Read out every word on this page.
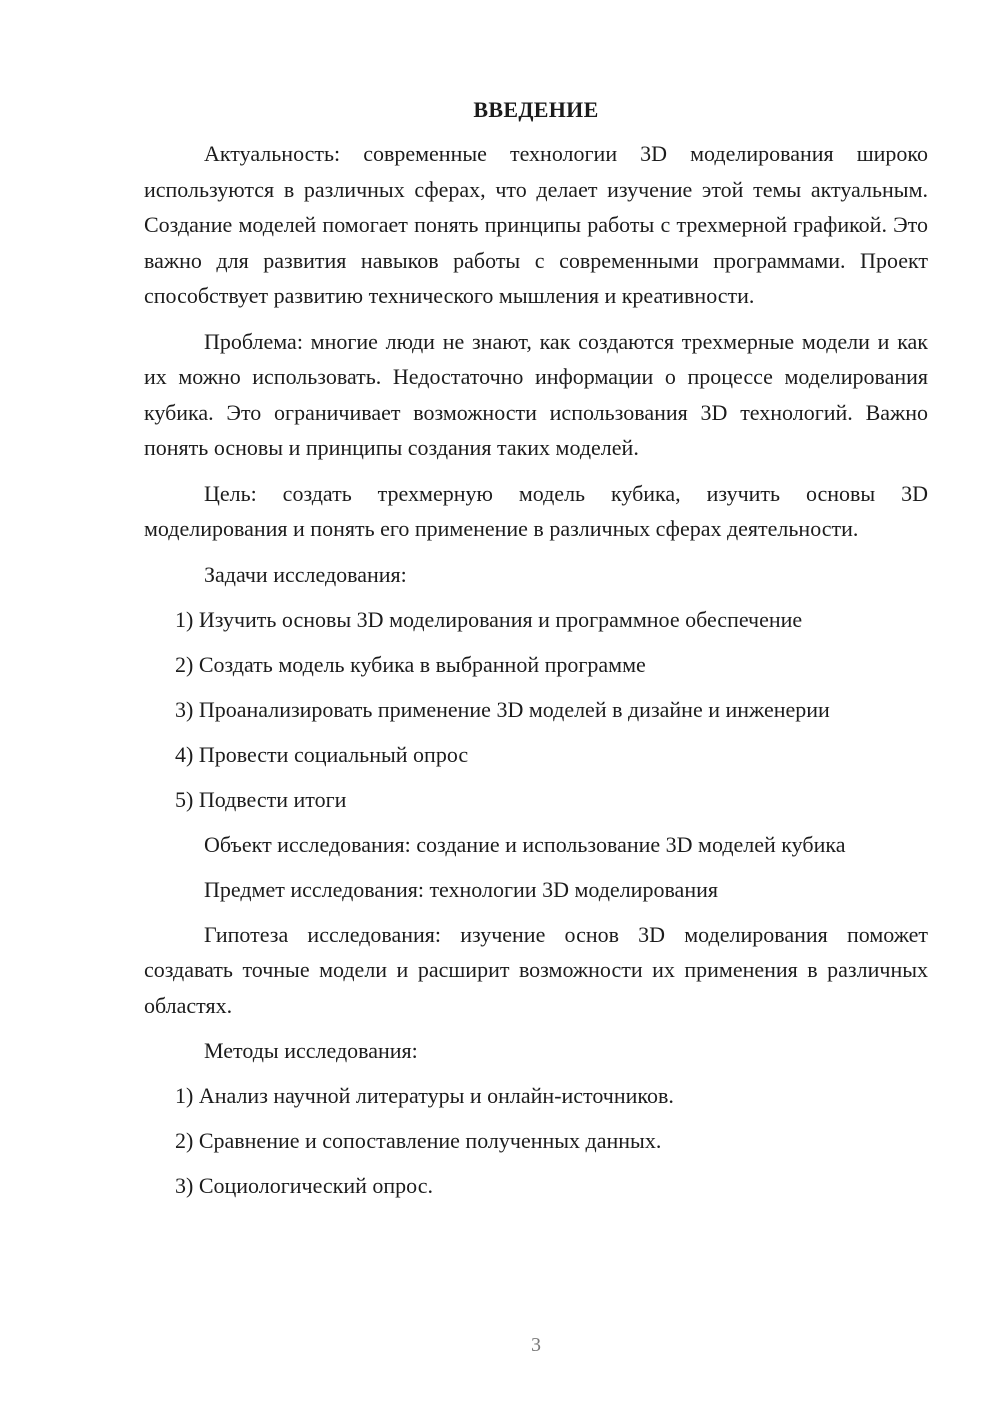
ВВЕДЕНИЕ

Актуальность: современные технологии 3D моделирования широко используются в различных сферах, что делает изучение этой темы актуальным. Создание моделей помогает понять принципы работы с трехмерной графикой. Это важно для развития навыков работы с современными программами. Проект способствует развитию технического мышления и креативности.

Проблема: многие люди не знают, как создаются трехмерные модели и как их можно использовать. Недостаточно информации о процессе моделирования кубика. Это ограничивает возможности использования 3D технологий. Важно понять основы и принципы создания таких моделей.

Цель: создать трехмерную модель кубика, изучить основы 3D моделирования и понять его применение в различных сферах деятельности.

Задачи исследования:
1) Изучить основы 3D моделирования и программное обеспечение
2) Создать модель кубика в выбранной программе
3) Проанализировать применение 3D моделей в дизайне и инженерии
4) Провести социальный опрос
5) Подвести итоги
Объект исследования: создание и использование 3D моделей кубика
Предмет исследования: технологии 3D моделирования

Гипотеза исследования: изучение основ 3D моделирования поможет создавать точные модели и расширит возможности их применения в различных областях.

Методы исследования:
1) Анализ научной литературы и онлайн-источников.
2) Сравнение и сопоставление полученных данных.
3) Социологический опрос.
3
